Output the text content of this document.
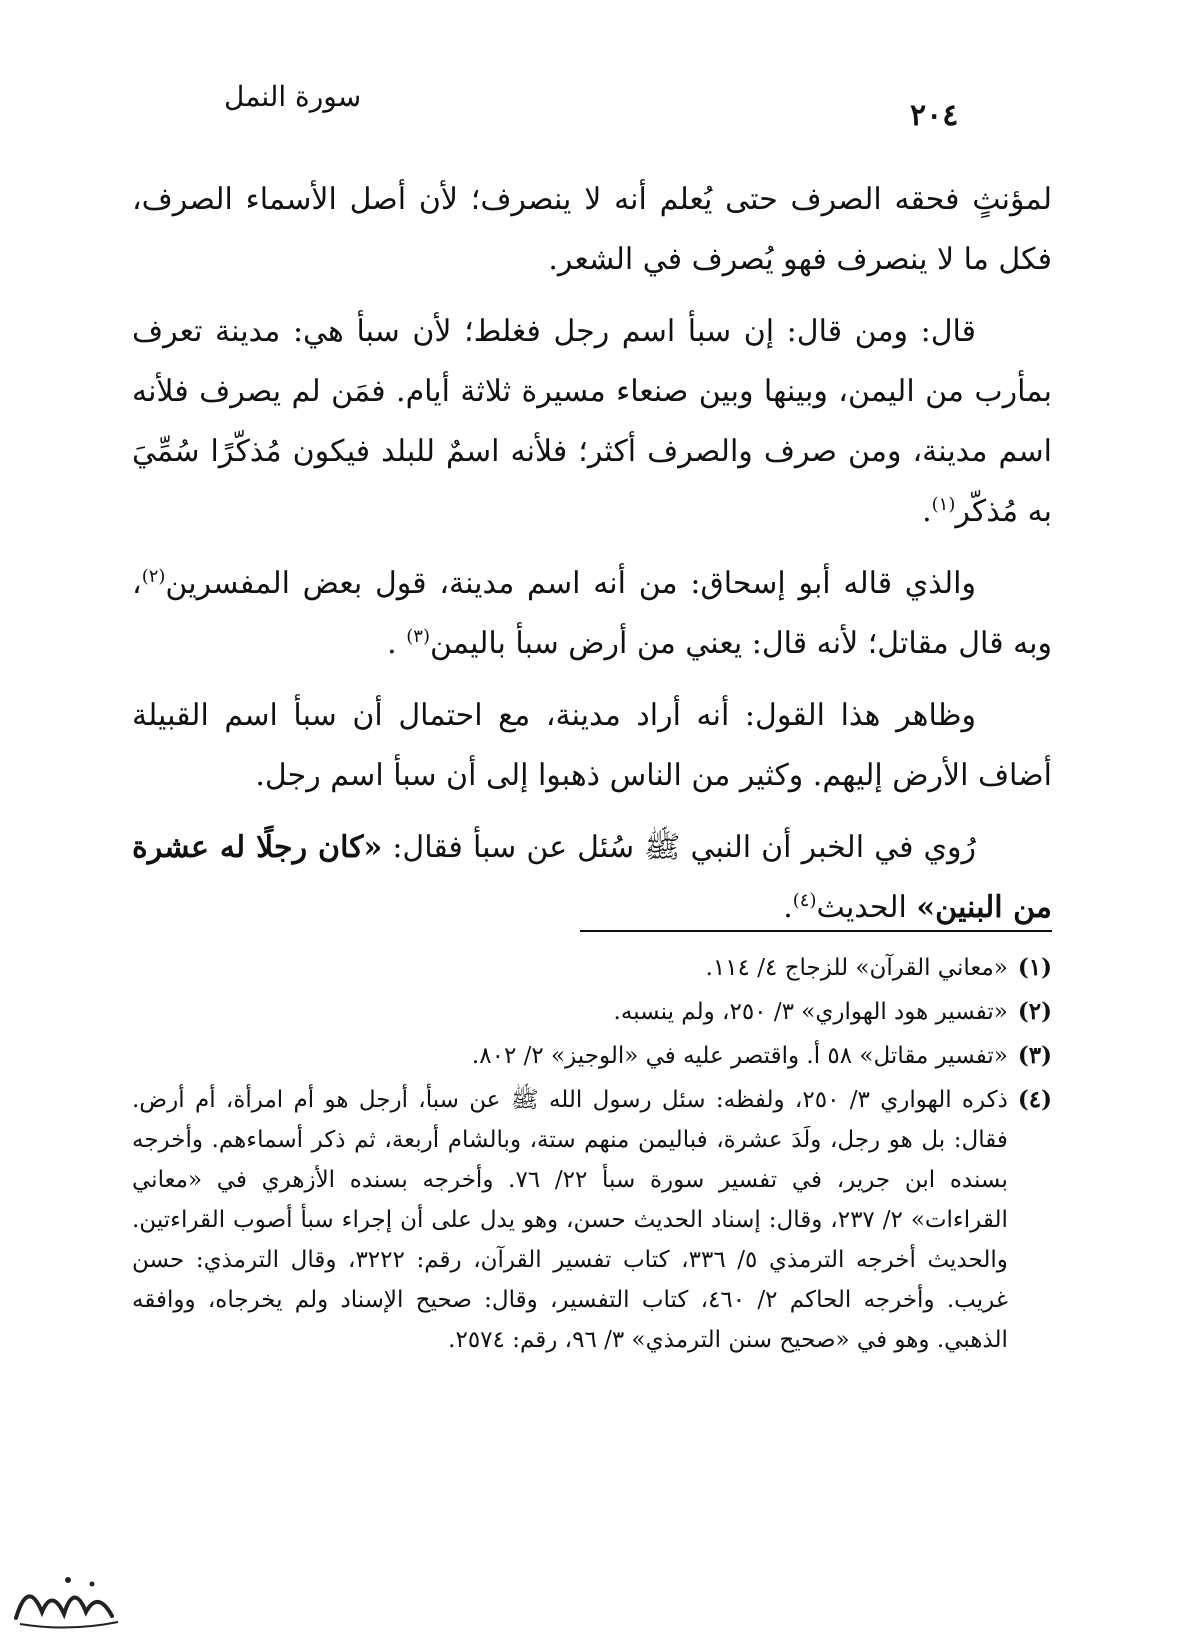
سورة النمل
٢٠٤

لمؤنثٍ فحقه الصرف حتى يُعلم أنه لا ينصرف؛ لأن أصل الأسماء الصرف، فكل ما لا ينصرف فهو يُصرف في الشعر.

قال: ومن قال: إن سبأ اسم رجل فغلط؛ لأن سبأ هي: مدينة تعرف بمأرب من اليمن، وبينها وبين صنعاء مسيرة ثلاثة أيام. فمَن لم يصرف فلأنه اسم مدينة، ومن صرف والصرف أكثر؛ فلأنه اسمٌ للبلد فيكون مُذكّرًا سُمِّيَ به مُذكّر$^{(١)}$.

والذي قاله أبو إسحاق: من أنه اسم مدينة، قول بعض المفسرين$^{(٢)}$، وبه قال مقاتل؛ لأنه قال: يعني من أرض سبأ باليمن$^{(٣)}$ .

وظاهر هذا القول: أنه أراد مدينة، مع احتمال أن سبأ اسم القبيلة أضاف الأرض إليهم. وكثير من الناس ذهبوا إلى أن سبأ اسم رجل.

رُوي في الخبر أن النبي ﷺ سُئل عن سبأ فقال: «كان رجلًا له عشرة من البنين» الحديث$^{(٤)}$.

(١)
«معاني القرآن» للزجاج ٤/ ١١٤.
(٢)
«تفسير هود الهواري» ٣/ ٢٥٠، ولم ينسبه.
(٣)
«تفسير مقاتل» ٥٨ أ. واقتصر عليه في «الوجيز» ٢/ ٨٠٢.
(٤)
ذكره الهواري ٣/ ٢٥٠، ولفظه: سئل رسول الله ﷺ عن سبأ، أرجل هو أم امرأة، أم أرض. فقال: بل هو رجل، ولَدَ عشرة، فباليمن منهم ستة، وبالشام أربعة، ثم ذكر أسماءهم. وأخرجه بسنده ابن جرير، في تفسير سورة سبأ ٢٢/ ٧٦. وأخرجه بسنده الأزهري في «معاني القراءات» ٢/ ٢٣٧، وقال: إسناد الحديث حسن، وهو يدل على أن إجراء سبأ أصوب القراءتين. والحديث أخرجه الترمذي ٥/ ٣٣٦، كتاب تفسير القرآن، رقم: ٣٢٢٢، وقال الترمذي: حسن غريب. وأخرجه الحاكم ٢/ ٤٦٠، كتاب التفسير، وقال: صحيح الإسناد ولم يخرجاه، ووافقه الذهبي. وهو في «صحيح سنن الترمذي» ٣/ ٩٦، رقم: ٢٥٧٤.
